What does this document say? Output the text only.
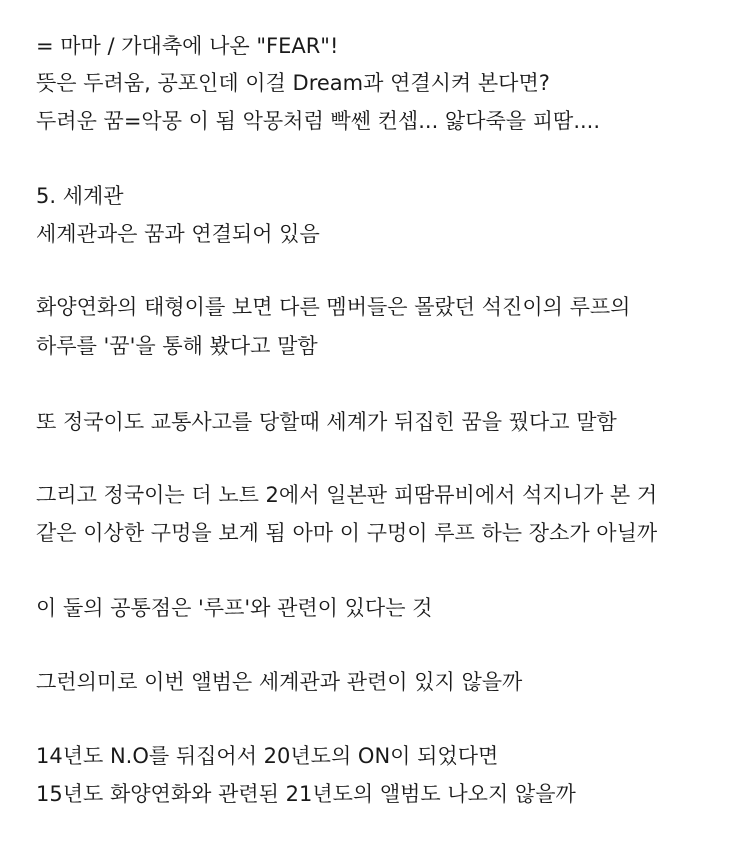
= 마마 / 가대축에 나온 "FEAR"!

뜻은 두려움, 공포인데 이걸 Dream과 연결시켜 본다면?

두려운 꿈=악몽 이 됨 악몽처럼 빡쎈 컨셉... 앓다죽을 피땀....

5. 세계관

세계관과은 꿈과 연결되어 있음

화양연화의 태형이를 보면 다른 멤버들은 몰랐던 석진이의 루프의

하루를 '꿈'을 통해 봤다고 말함

또 정국이도 교통사고를 당할때 세계가 뒤집힌 꿈을 꿨다고 말함

그리고 정국이는 더 노트 2에서 일본판 피땀뮤비에서 석지니가 본 거

같은 이상한 구멍을 보게 됨 아마 이 구멍이 루프 하는 장소가 아닐까

이 둘의 공통점은 '루프'와 관련이 있다는 것

그런의미로 이번 앨범은 세계관과 관련이 있지 않을까

14년도 N.O를 뒤집어서 20년도의 ON이 되었다면

15년도 화양연화와 관련된 21년도의 앨범도 나오지 않을까
